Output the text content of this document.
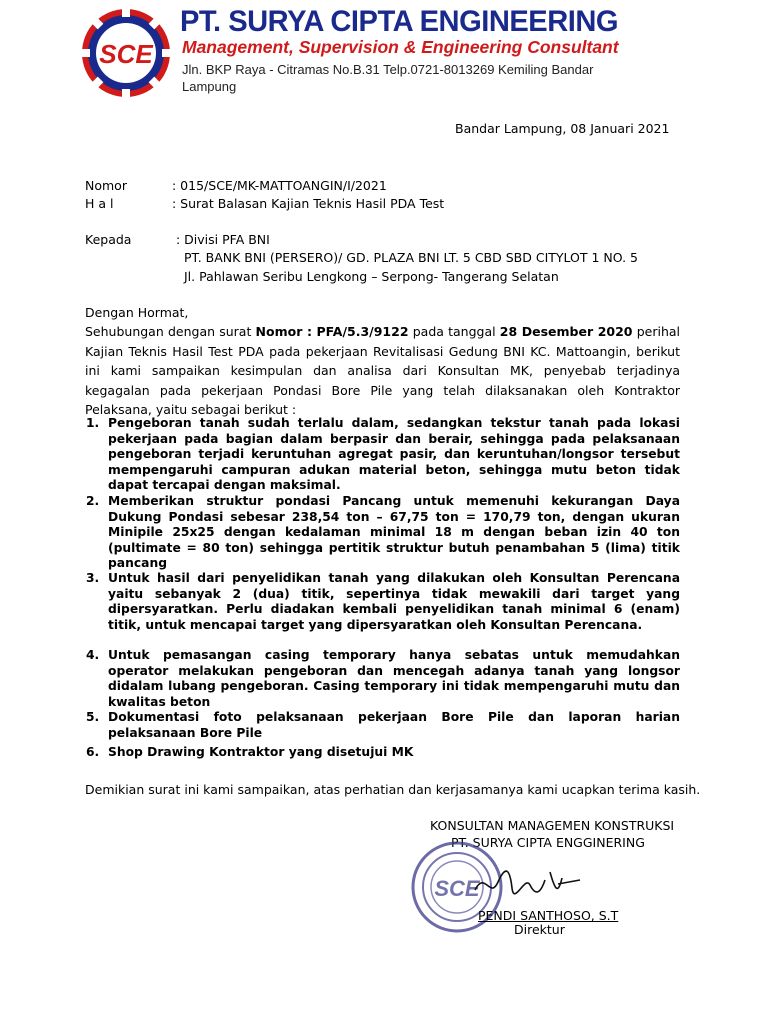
SCE
PT. SURYA CIPTA ENGINEERING
Management, Supervision & Engineering Consultant
Jln. BKP Raya - Citramas No.B.31 Telp.0721-8013269 Kemiling Bandar Lampung
Bandar Lampung, 08 Januari 2021
Nomor	: 015/SCE/MK-MATTOANGIN/I/2021
H a l	: Surat Balasan Kajian Teknis Hasil PDA Test
Kepada	: Divisi PFA BNI
PT. BANK BNI (PERSERO)/ GD. PLAZA BNI LT. 5 CBD SBD CITYLOT 1 NO. 5
Jl. Pahlawan Seribu Lengkong – Serpong- Tangerang Selatan
Dengan Hormat,
Sehubungan dengan surat Nomor : PFA/5.3/9122 pada tanggal 28 Desember 2020 perihal Kajian Teknis Hasil Test PDA pada pekerjaan Revitalisasi Gedung BNI KC. Mattoangin, berikut ini kami sampaikan kesimpulan dan analisa dari Konsultan MK, penyebab terjadinya kegagalan pada pekerjaan Pondasi Bore Pile yang telah dilaksanakan oleh Kontraktor Pelaksana, yaitu sebagai berikut :
1. Pengeboran tanah sudah terlalu dalam, sedangkan tekstur tanah pada lokasi pekerjaan pada bagian dalam berpasir dan berair, sehingga pada pelaksanaan pengeboran terjadi keruntuhan agregat pasir, dan keruntuhan/longsor tersebut mempengaruhi campuran adukan material beton, sehingga mutu beton tidak dapat tercapai dengan maksimal.
2. Memberikan struktur pondasi Pancang untuk memenuhi kekurangan Daya Dukung Pondasi sebesar 238,54 ton – 67,75 ton = 170,79 ton, dengan ukuran Minipile 25x25 dengan kedalaman minimal 18 m dengan beban izin 40 ton (pultimate = 80 ton) sehingga pertitik struktur butuh penambahan 5 (lima) titik pancang
3. Untuk hasil dari penyelidikan tanah yang dilakukan oleh Konsultan Perencana yaitu sebanyak 2 (dua) titik, sepertinya tidak mewakili dari target yang dipersyaratkan. Perlu diadakan kembali penyelidikan tanah minimal 6 (enam) titik, untuk mencapai target yang dipersyaratkan oleh Konsultan Perencana.
4. Untuk pemasangan casing temporary hanya sebatas untuk memudahkan operator melakukan pengeboran dan mencegah adanya tanah yang longsor didalam lubang pengeboran. Casing temporary ini tidak mempengaruhi mutu dan kwalitas beton
5. Dokumentasi foto pelaksanaan pekerjaan Bore Pile dan laporan harian pelaksanaan Bore Pile
6. Shop Drawing Kontraktor yang disetujui MK
Demikian surat ini kami sampaikan, atas perhatian dan kerjasamanya kami ucapkan terima kasih.
KONSULTAN MANAGEMEN KONSTRUKSI
PT. SURYA CIPTA ENGGINERING
SCE
PENDI SANTHOSO, S.T
Direktur
